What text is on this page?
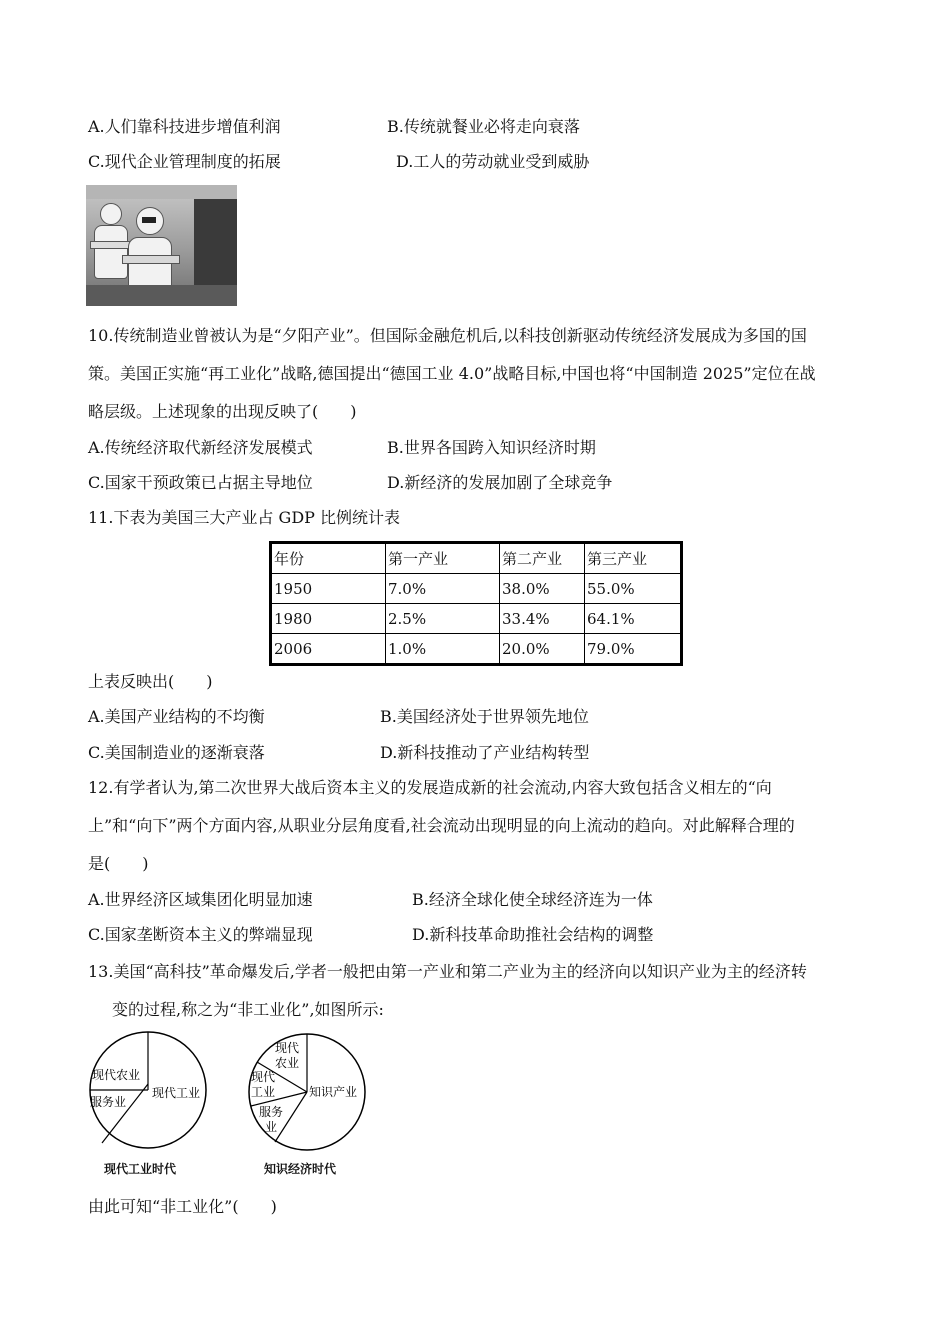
A.人们靠科技进步增值利润	B.传统就餐业必将走向衰落
C.现代企业管理制度的拓展	D.工人的劳动就业受到威胁
10.传统制造业曾被认为是“夕阳产业”。但国际金融危机后,以科技创新驱动传统经济发展成为多国的国
策。美国正实施“再工业化”战略,德国提出“德国工业 4.0”战略目标,中国也将“中国制造 2025”定位在战
略层级。上述现象的出现反映了(　　)
A.传统经济取代新经济发展模式	B.世界各国跨入知识经济时期
C.国家干预政策已占据主导地位	D.新经济的发展加剧了全球竞争
11.下表为美国三大产业占 GDP 比例统计表
年份	第一产业	第二产业	第三产业
1950	7.0%	38.0%	55.0%
1980	2.5%	33.4%	64.1%
2006	1.0%	20.0%	79.0%
上表反映出(　　)
A.美国产业结构的不均衡	B.美国经济处于世界领先地位
C.美国制造业的逐渐衰落	D.新科技推动了产业结构转型
12.有学者认为,第二次世界大战后资本主义的发展造成新的社会流动,内容大致包括含义相左的“向
上”和“向下”两个方面内容,从职业分层角度看,社会流动出现明显的向上流动的趋向。对此解释合理的
是(　　)
A.世界经济区域集团化明显加速	B.经济全球化使全球经济连为一体
C.国家垄断资本主义的弊端显现	D.新科技革命助推社会结构的调整
13.美国“高科技”革命爆发后,学者一般把由第一产业和第二产业为主的经济向以知识产业为主的经济转
变的过程,称之为“非工业化”,如图所示:
现代农业
服务业
现代工业
现代工业时代
现代
农业
现代
工业
服务
业
知识产业
知识经济时代
由此可知“非工业化”(　　)
